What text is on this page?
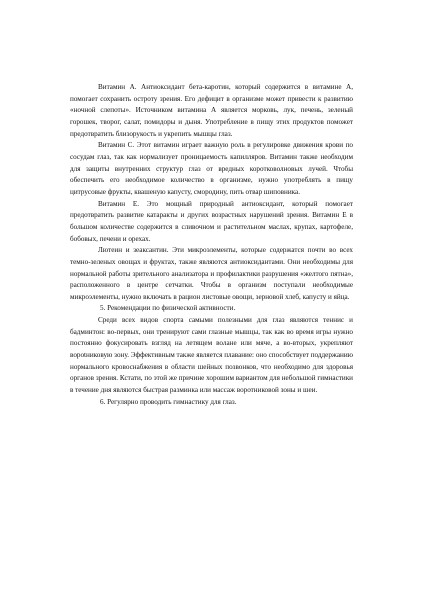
Витамин А. Антиоксидант бета-каротин, который содержится в витамине А, помогает сохранить остроту зрения. Его дефицит в организме может привести к развитию «ночной слепоты». Источником витамина А является морковь, лук, печень, зеленый горошек, творог, салат, помидоры и дыня. Употребление в пищу этих продуктов поможет предотвратить близорукость и укрепить мышцы глаз.

Витамин С. Этот витамин играет важную роль в регулировке движения крови по сосудам глаз, так как нормализует проницаемость капилляров. Витамин также необходим для защиты внутренних структур глаз от вредных коротковолновых лучей. Чтобы обеспечить его необходимое количество в организме, нужно употреблять в пищу цитрусовые фрукты, квашеную капусту, смородину, пить отвар шиповника.

Витамин Е. Это мощный природный антиоксидант, который помогает предотвратить развитие катаракты и других возрастных нарушений зрения. Витамин Е в большом количестве содержится в сливочном и растительном маслах, крупах, картофеле, бобовых, печени и орехах.

Лютеин и зеаксантин. Эти микроэлементы, которые содержатся почти во всех темно-зеленых овощах и фруктах, также являются антиоксидантами. Они необходимы для нормальной работы зрительного анализатора и профилактики разрушения «желтого пятна», расположенного в центре сетчатки. Чтобы в организм поступали необходимые микроэлементы, нужно включать в рацион листовые овощи, зерновой хлеб, капусту и яйца.

5. Рекомендации по физической активности.

Среди всех видов спорта самыми полезными для глаз являются теннис и бадминтон: во-первых, они тренируют сами глазные мышцы, так как во время игры нужно постоянно фокусировать взгляд на летящем волане или мяче, а во-вторых, укрепляют вороtниковую зону. Эффективным также является плавание: оно способствует поддержанию нормального кровоснабжения в области шейных позвонков, что необходимо для здоровья органов зрения. Кстати, по этой же причине хорошим вариантом для небольшой гимнастики в течение дня являются быстрая разминка или массаж воротниковой зоны и шеи.

6. Регулярно проводить гимнастику для глаз.
